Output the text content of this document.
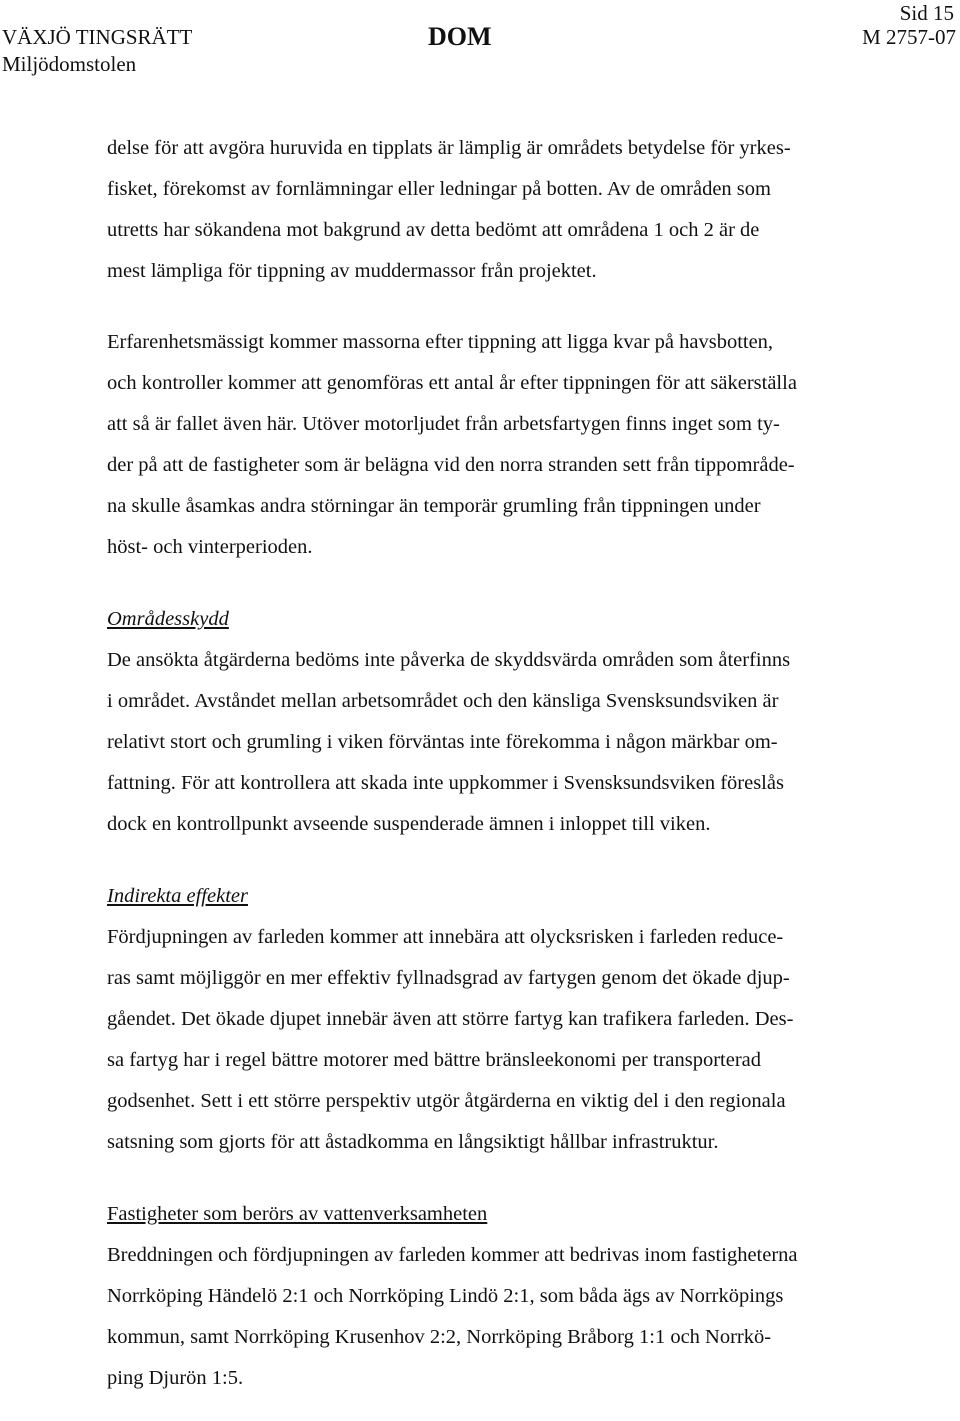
Sid 15
VÄXJÖ TINGSRÄTT	DOM	M 2757-07
Miljödomstolen

delse för att avgöra huruvida en tipplats är lämplig är områdets betydelse för yrkes-
fisket, förekomst av fornlämningar eller ledningar på botten. Av de områden som
utretts har sökandena mot bakgrund av detta bedömt att områdena 1 och 2 är de
mest lämpliga för tippning av muddermassor från projektet.

Erfarenhetsmässigt kommer massorna efter tippning att ligga kvar på havsbotten,
och kontroller kommer att genomföras ett antal år efter tippningen för att säkerställa
att så är fallet även här. Utöver motorljudet från arbetsfartygen finns inget som ty-
der på att de fastigheter som är belägna vid den norra stranden sett från tippområde-
na skulle åsamkas andra störningar än temporär grumling från tippningen under
höst- och vinterperioden.

Områdesskydd

De ansökta åtgärderna bedöms inte påverka de skyddsvärda områden som återfinns
i området. Avståndet mellan arbetsområdet och den känsliga Svensksundsviken är
relativt stort och grumling i viken förväntas inte förekomma i någon märkbar om-
fattning. För att kontrollera att skada inte uppkommer i Svensksundsviken föreslås
dock en kontrollpunkt avseende suspenderade ämnen i inloppet till viken.

Indirekta effekter

Fördjupningen av farleden kommer att innebära att olycksrisken i farleden reduce-
ras samt möjliggör en mer effektiv fyllnadsgrad av fartygen genom det ökade djup-
gåendet. Det ökade djupet innebär även att större fartyg kan trafikera farleden. Des-
sa fartyg har i regel bättre motorer med bättre bränsleekonomi per transporterad
godsenhet. Sett i ett större perspektiv utgör åtgärderna en viktig del i den regionala
satsning som gjorts för att åstadkomma en långsiktigt hållbar infrastruktur.

Fastigheter som berörs av vattenverksamheten

Breddningen och fördjupningen av farleden kommer att bedrivas inom fastigheterna
Norrköping Händelö 2:1 och Norrköping Lindö 2:1, som båda ägs av Norrköpings
kommun, samt Norrköping Krusenhov 2:2, Norrköping Bråborg 1:1 och Norrkö-
ping Djurön 1:5.
